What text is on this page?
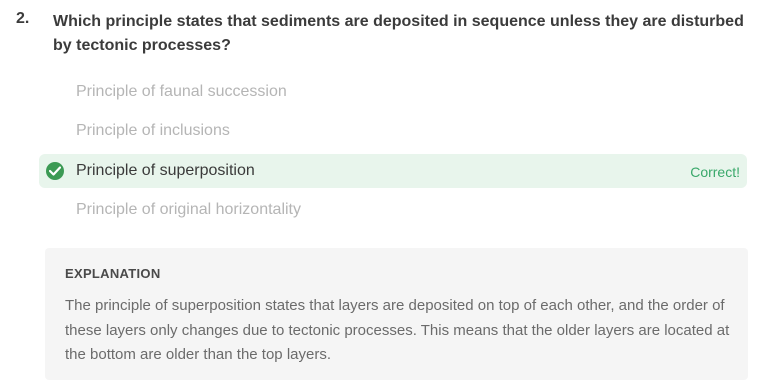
2. Which principle states that sediments are deposited in sequence unless they are disturbed by tectonic processes?
Principle of faunal succession
Principle of inclusions
Principle of superposition	Correct!
Principle of original horizontality
EXPLANATION
The principle of superposition states that layers are deposited on top of each other, and the order of these layers only changes due to tectonic processes. This means that the older layers are located at the bottom are older than the top layers.
